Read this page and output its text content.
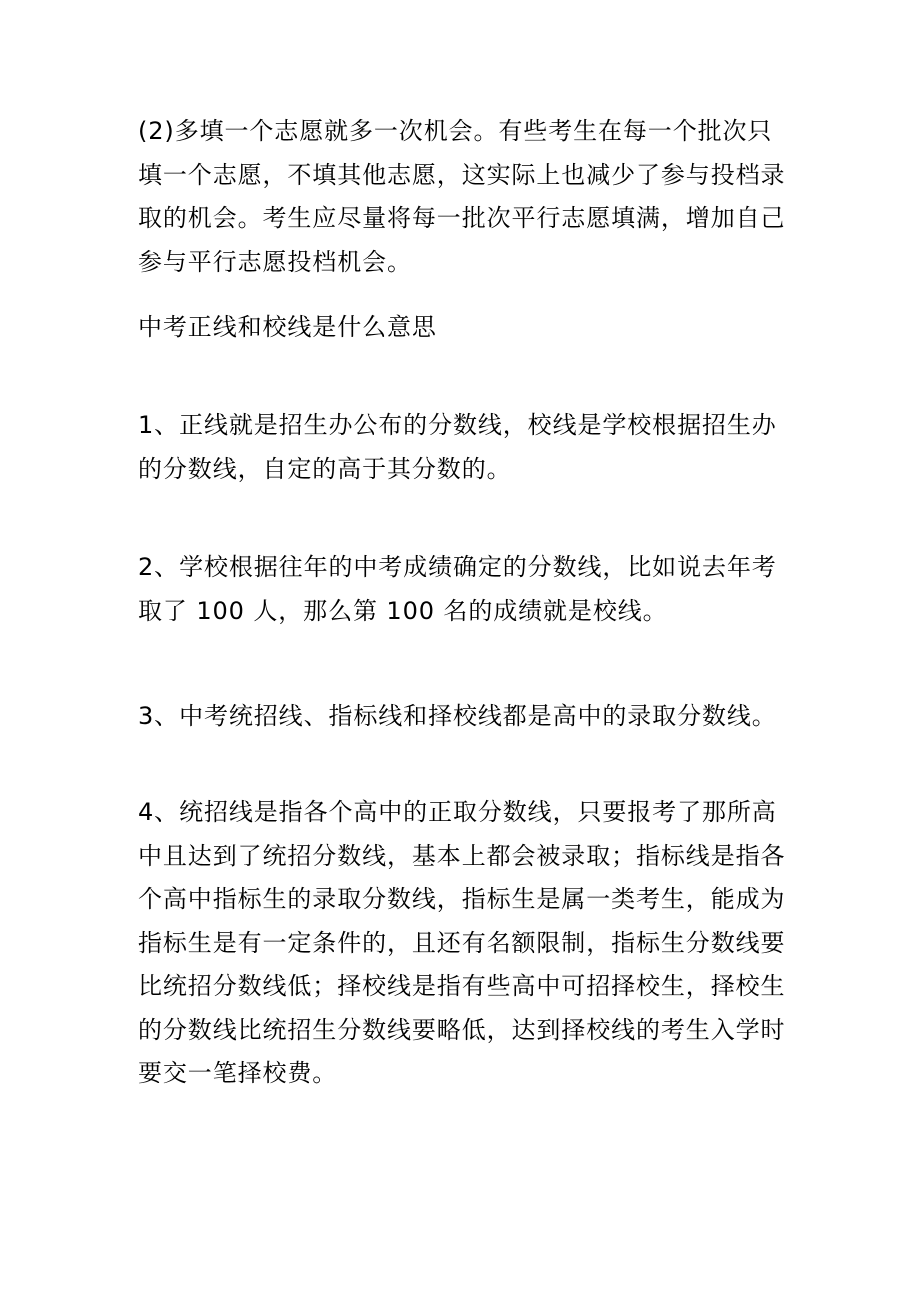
(2)多填一个志愿就多一次机会。有些考生在每一个批次只填一个志愿，不填其他志愿，这实际上也减少了参与投档录取的机会。考生应尽量将每一批次平行志愿填满，增加自己参与平行志愿投档机会。

中考正线和校线是什么意思

1、正线就是招生办公布的分数线，校线是学校根据招生办的分数线，自定的高于其分数的。

2、学校根据往年的中考成绩确定的分数线，比如说去年考取了 100 人，那么第 100 名的成绩就是校线。

3、中考统招线、指标线和择校线都是高中的录取分数线。

4、统招线是指各个高中的正取分数线，只要报考了那所高中且达到了统招分数线，基本上都会被录取；指标线是指各个高中指标生的录取分数线，指标生是属一类考生，能成为指标生是有一定条件的，且还有名额限制，指标生分数线要比统招分数线低；择校线是指有些高中可招择校生，择校生的分数线比统招生分数线要略低，达到择校线的考生入学时要交一笔择校费。
